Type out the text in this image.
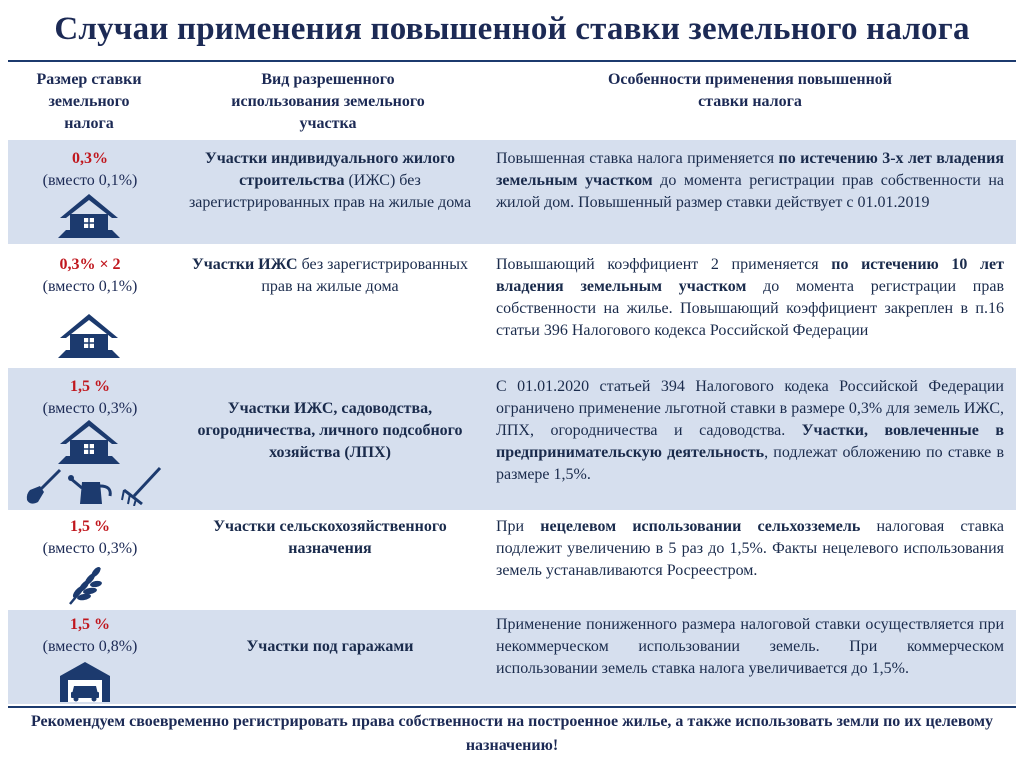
Случаи применения повышенной ставки земельного налога
Размер ставки
земельного
налога
Вид разрешенного
использования земельного
участка
Особенности применения повышенной
ставки налога
0,3%
(вместо 0,1%)
Участки индивидуального жилого строительства (ИЖС) без зарегистрированных прав на жилые дома
Повышенная ставка налога применяется по истечению 3-х лет владения земельным участком до момента регистрации прав собственности на жилой дом. Повышенный размер ставки действует с 01.01.2019
0,3% × 2
(вместо 0,1%)
Участки ИЖС без зарегистрированных прав на жилые дома
Повышающий коэффициент 2 применяется по истечению 10 лет владения земельным участком до момента регистрации прав собственности на жилье. Повышающий коэффициент закреплен в п.16 статьи 396 Налогового кодекса Российской Федерации
1,5 %
(вместо 0,3%)	Участки ИЖС, садоводства, огородничества, личного подсобного хозяйства (ЛПХ)
С 01.01.2020 статьей 394 Налогового кодека Российской Федерации ограничено применение льготной ставки в размере 0,3% для земель ИЖС, ЛПХ, огородничества и садоводства. Участки, вовлеченные в предпринимательскую деятельность, подлежат обложению по ставке в размере 1,5%.
1,5 %
(вместо 0,3%)
Участки сельскохозяйственного назначения
При нецелевом использовании сельхозземель налоговая ставка подлежит увеличению в 5 раз до 1,5%. Факты нецелевого использования земель устанавливаются Росреестром.
1,5 %
(вместо 0,8%)	Участки под гаражами
Применение пониженного размера налоговой ставки осуществляется при некоммерческом использовании земель. При коммерческом использовании земель ставка налога увеличивается до 1,5%.
Рекомендуем своевременно регистрировать права собственности на построенное жилье, а также использовать земли по их целевому назначению!
